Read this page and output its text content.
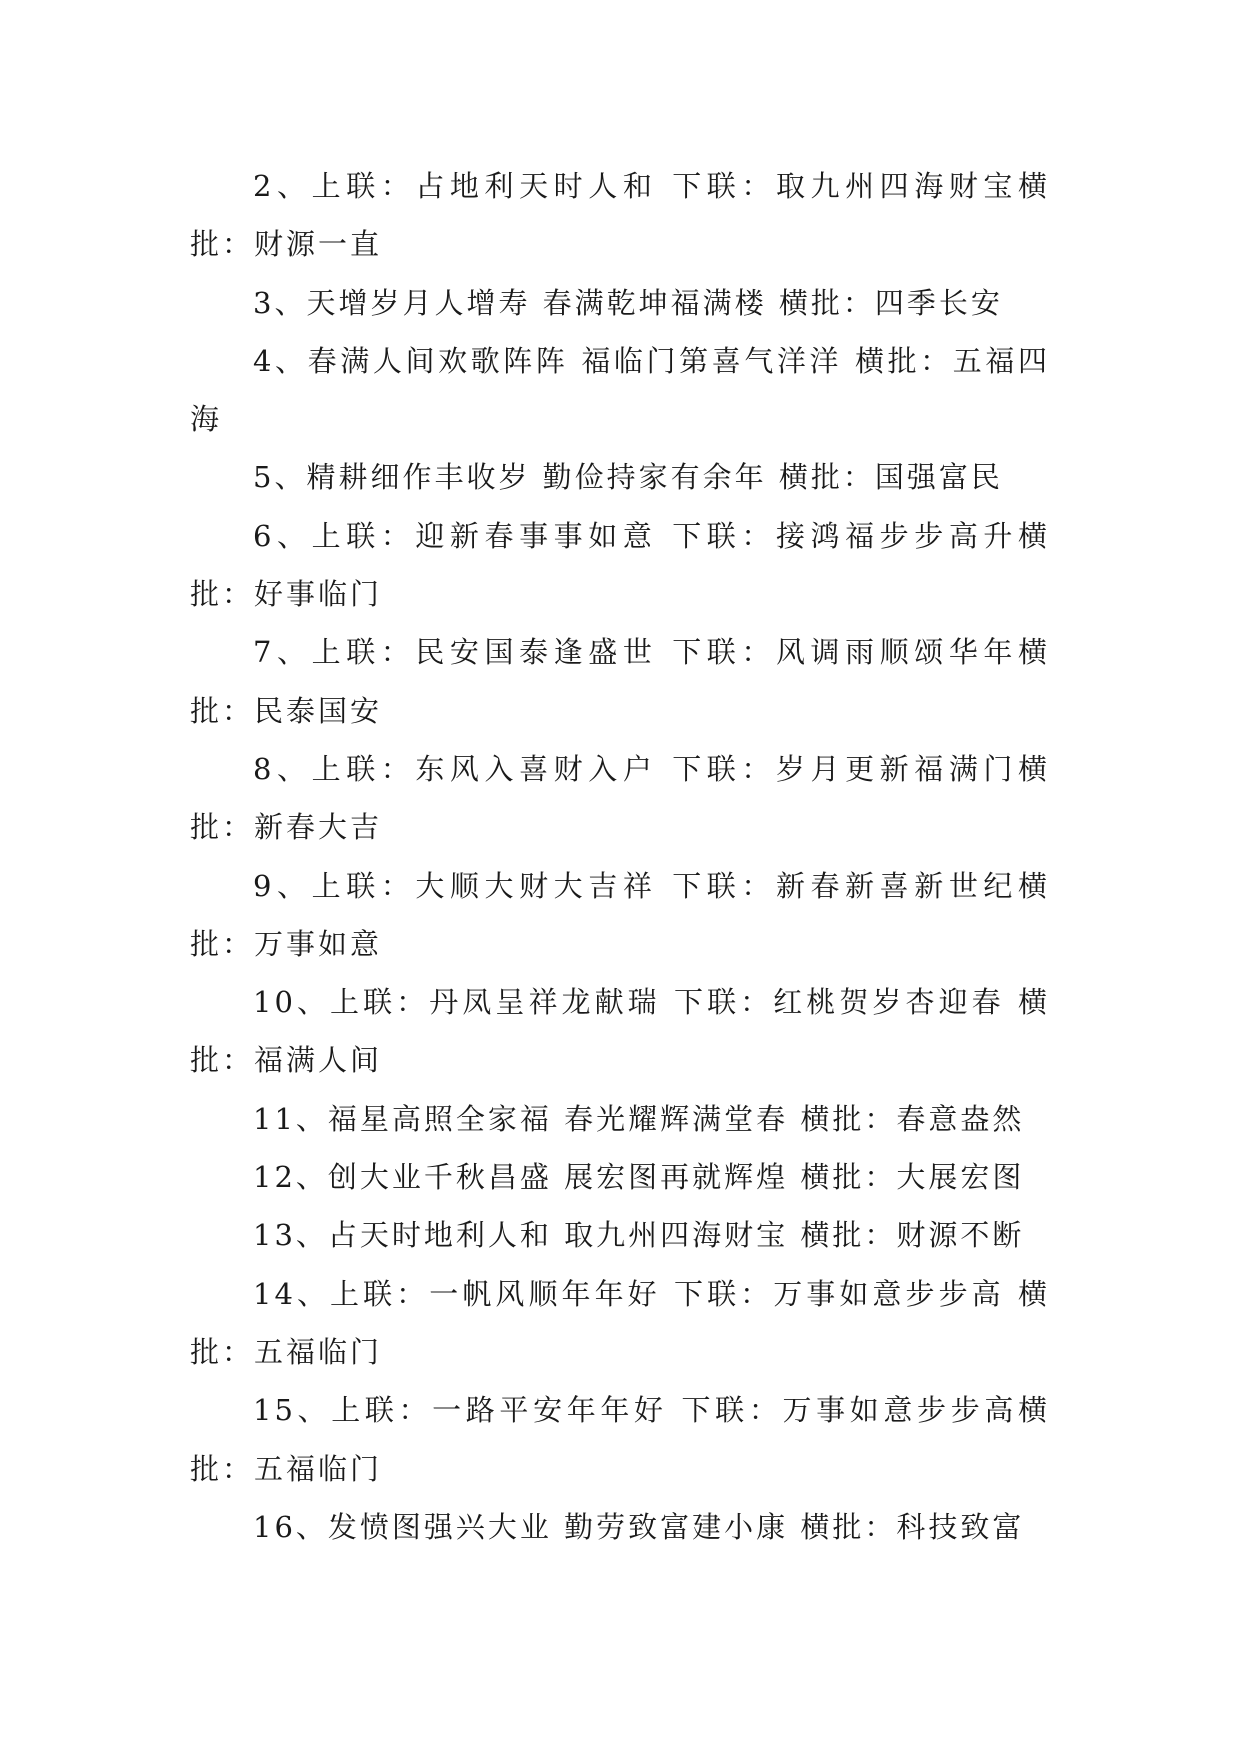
2、上联：占地利天时人和 下联：取九州四海财宝横批：财源一直

3、天增岁月人增寿 春满乾坤福满楼 横批：四季长安

4、春满人间欢歌阵阵 福临门第喜气洋洋 横批：五福四海

5、精耕细作丰收岁 勤俭持家有余年 横批：国强富民

6、上联：迎新春事事如意 下联：接鸿福步步高升横批：好事临门

7、上联：民安国泰逢盛世 下联：风调雨顺颂华年横批：民泰国安

8、上联：东风入喜财入户 下联：岁月更新福满门横批：新春大吉

9、上联：大顺大财大吉祥 下联：新春新喜新世纪横批：万事如意

10、上联：丹凤呈祥龙献瑞 下联：红桃贺岁杏迎春 横批：福满人间

11、福星高照全家福 春光耀辉满堂春 横批：春意盎然

12、创大业千秋昌盛 展宏图再就辉煌 横批：大展宏图

13、占天时地利人和 取九州四海财宝 横批：财源不断

14、上联：一帆风顺年年好 下联：万事如意步步高 横批：五福临门

15、上联：一路平安年年好 下联：万事如意步步高横批：五福临门

16、发愤图强兴大业 勤劳致富建小康 横批：科技致富
